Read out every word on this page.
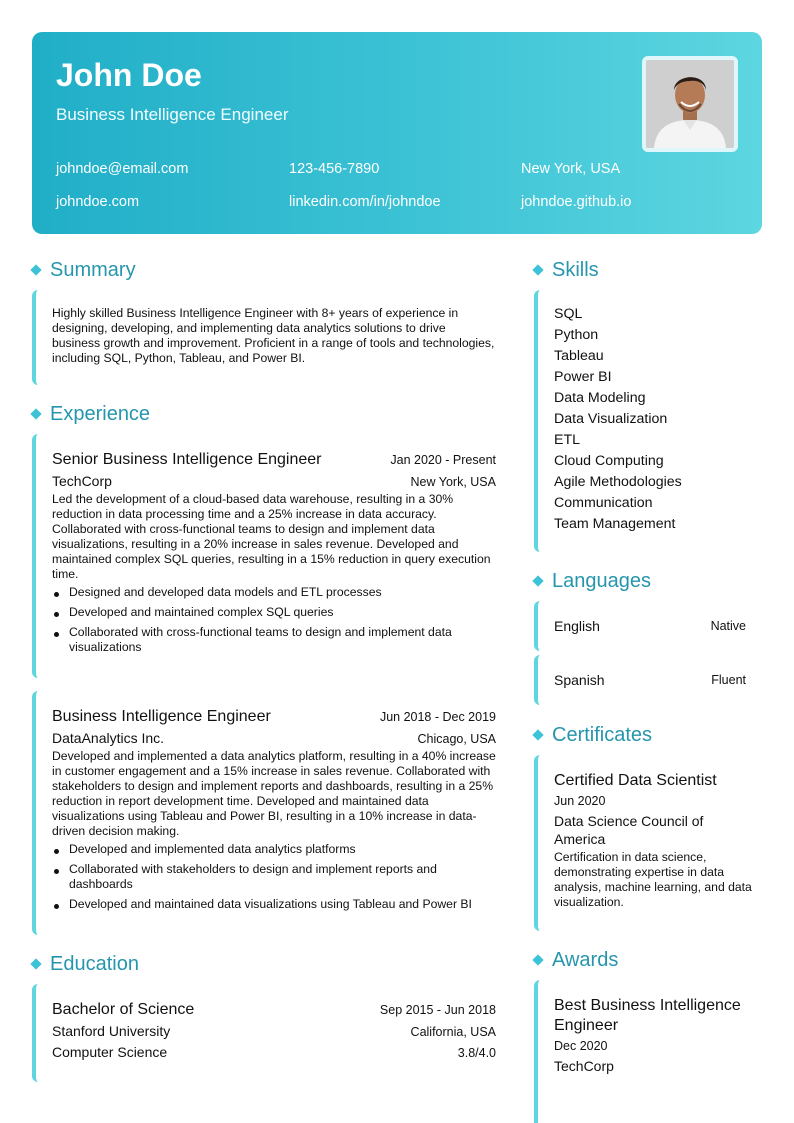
John Doe
Business Intelligence Engineer
johndoe@email.com	123-456-7890	New York, USA
johndoe.com	linkedin.com/in/johndoe	johndoe.github.io
Summary
Highly skilled Business Intelligence Engineer with 8+ years of experience in designing, developing, and implementing data analytics solutions to drive business growth and improvement. Proficient in a range of tools and technologies, including SQL, Python, Tableau, and Power BI.
Experience
Senior Business Intelligence Engineer	Jan 2020 - Present
TechCorp	New York, USA
Led the development of a cloud-based data warehouse, resulting in a 30% reduction in data processing time and a 25% increase in data accuracy. Collaborated with cross-functional teams to design and implement data visualizations, resulting in a 20% increase in sales revenue. Developed and maintained complex SQL queries, resulting in a 15% reduction in query execution time.
Designed and developed data models and ETL processes
Developed and maintained complex SQL queries
Collaborated with cross-functional teams to design and implement data visualizations
Business Intelligence Engineer	Jun 2018 - Dec 2019
DataAnalytics Inc.	Chicago, USA
Developed and implemented a data analytics platform, resulting in a 40% increase in customer engagement and a 15% increase in sales revenue. Collaborated with stakeholders to design and implement reports and dashboards, resulting in a 25% reduction in report development time. Developed and maintained data visualizations using Tableau and Power BI, resulting in a 10% increase in data-driven decision making.
Developed and implemented data analytics platforms
Collaborated with stakeholders to design and implement reports and dashboards
Developed and maintained data visualizations using Tableau and Power BI
Education
Bachelor of Science	Sep 2015 - Jun 2018
Stanford University	California, USA
Computer Science	3.8/4.0
Skills
SQL
Python
Tableau
Power BI
Data Modeling
Data Visualization
ETL
Cloud Computing
Agile Methodologies
Communication
Team Management
Languages
English	Native
Spanish	Fluent
Certificates
Certified Data Scientist
Jun 2020
Data Science Council of America
Certification in data science, demonstrating expertise in data analysis, machine learning, and data visualization.
Awards
Best Business Intelligence Engineer
Dec 2020
TechCorp
